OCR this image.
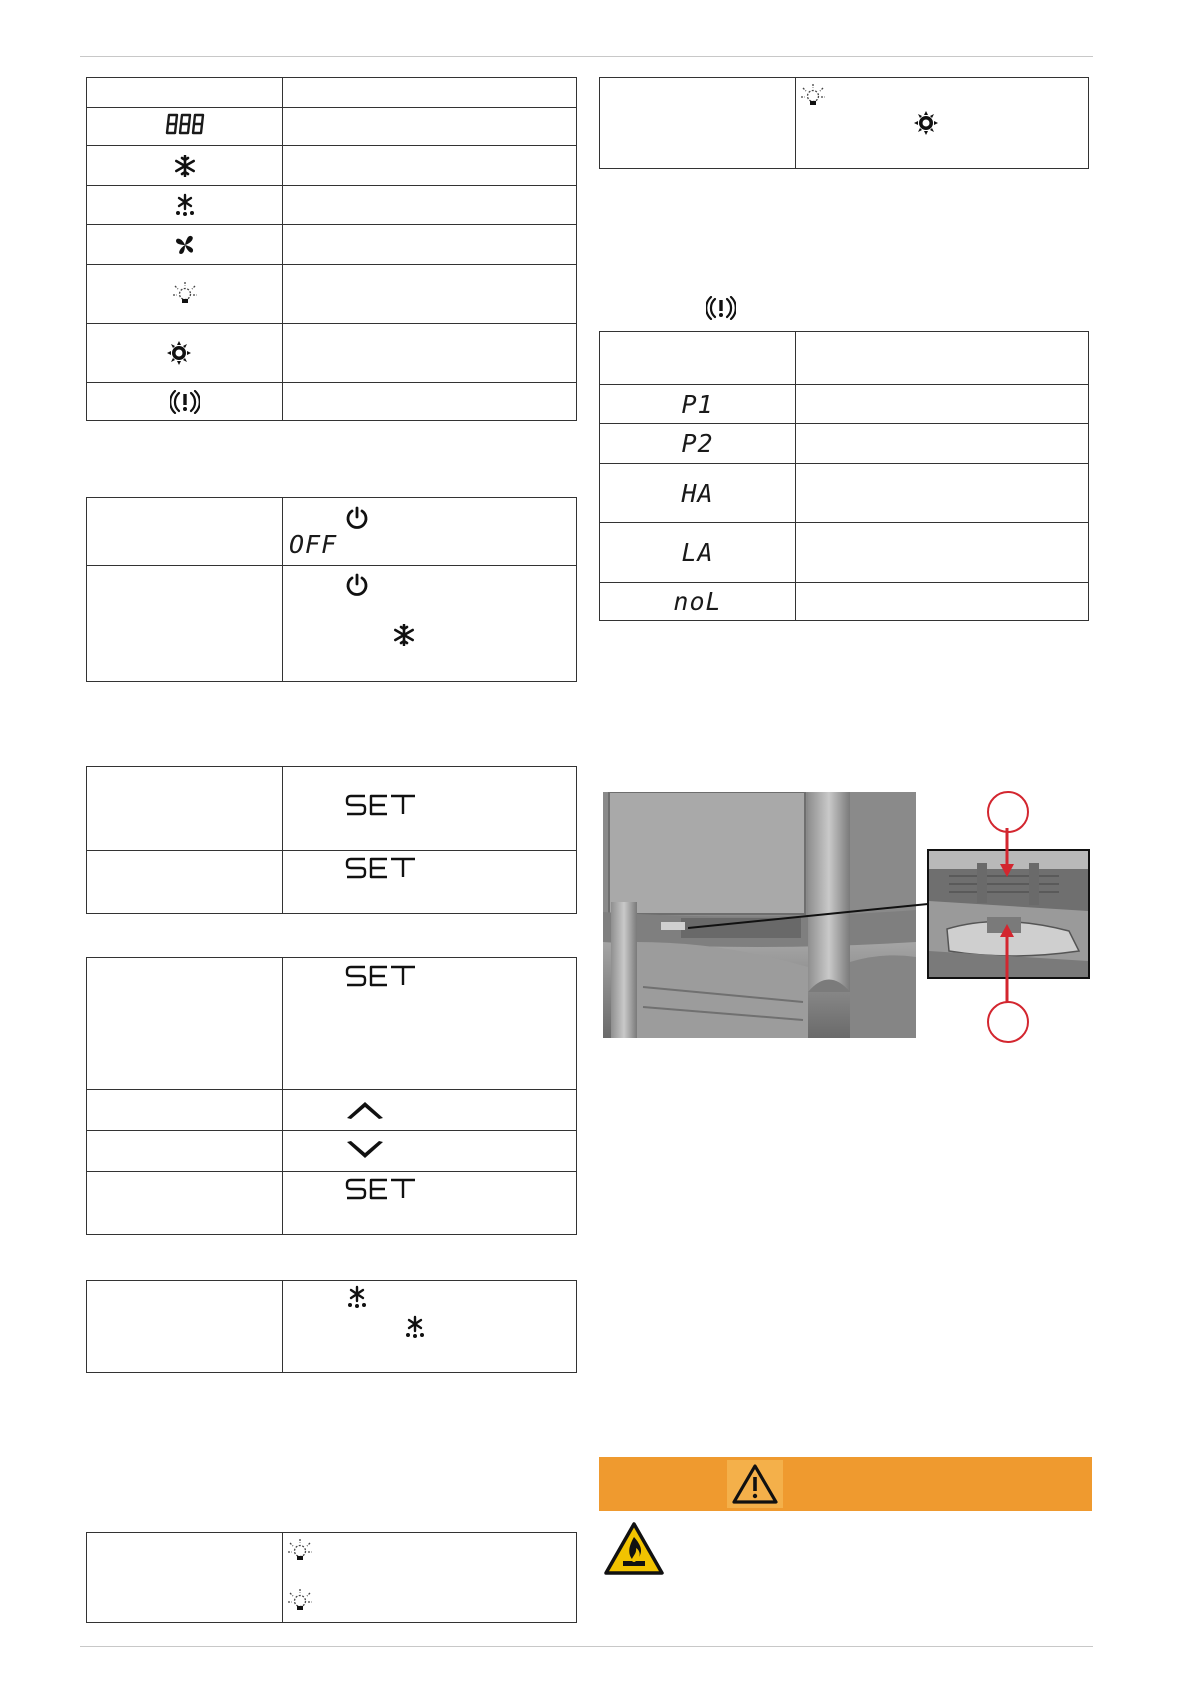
	OFF

P1	
P2	
HA	
LA	
noL	
